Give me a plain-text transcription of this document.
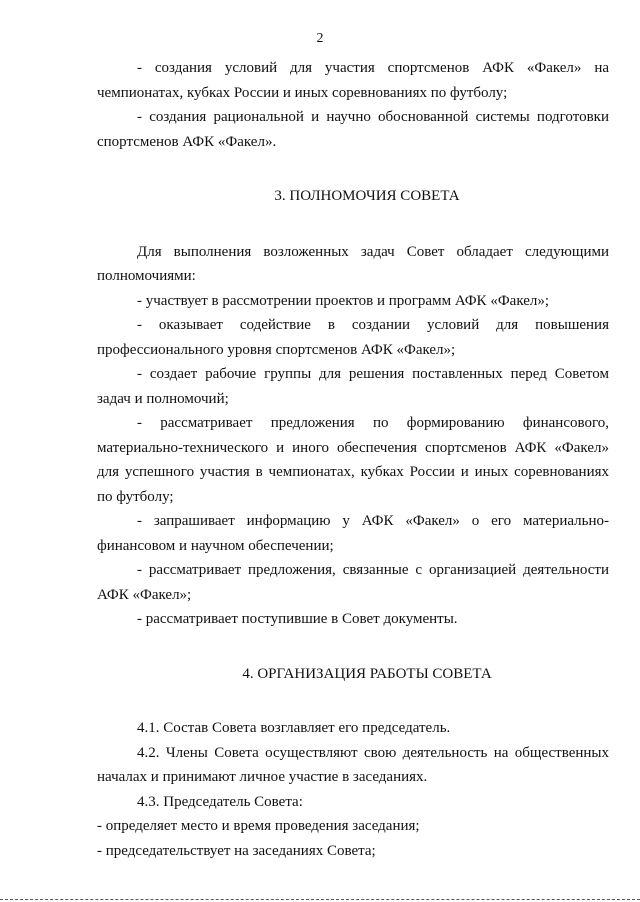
2

- создания условий для участия спортсменов АФК «Факел» на чемпионатах, кубках России и иных соревнованиях по футболу;

- создания рациональной и научно обоснованной системы подготовки спортсменов АФК «Факел».

3. ПОЛНОМОЧИЯ СОВЕТА

Для выполнения возложенных задач Совет обладает следующими полномочиями:

- участвует в рассмотрении проектов и программ АФК «Факел»;

- оказывает содействие в создании условий для повышения профессионального уровня спортсменов АФК «Факел»;

- создает рабочие группы для решения поставленных перед Советом задач и полномочий;

- рассматривает предложения по формированию финансового, материально-технического и иного обеспечения спортсменов АФК «Факел» для успешного участия в чемпионатах, кубках России и иных соревнованиях по футболу;

- запрашивает информацию у АФК «Факел» о его материально-финансовом и научном обеспечении;

- рассматривает предложения, связанные с организацией деятельности АФК «Факел»;

- рассматривает поступившие в Совет документы.

4. ОРГАНИЗАЦИЯ РАБОТЫ СОВЕТА

4.1. Состав Совета возглавляет его председатель.

4.2. Члены Совета осуществляют свою деятельность на общественных началах и принимают личное участие в заседаниях.

4.3. Председатель Совета:

- определяет место и время проведения заседания;

- председательствует на заседаниях Совета;
